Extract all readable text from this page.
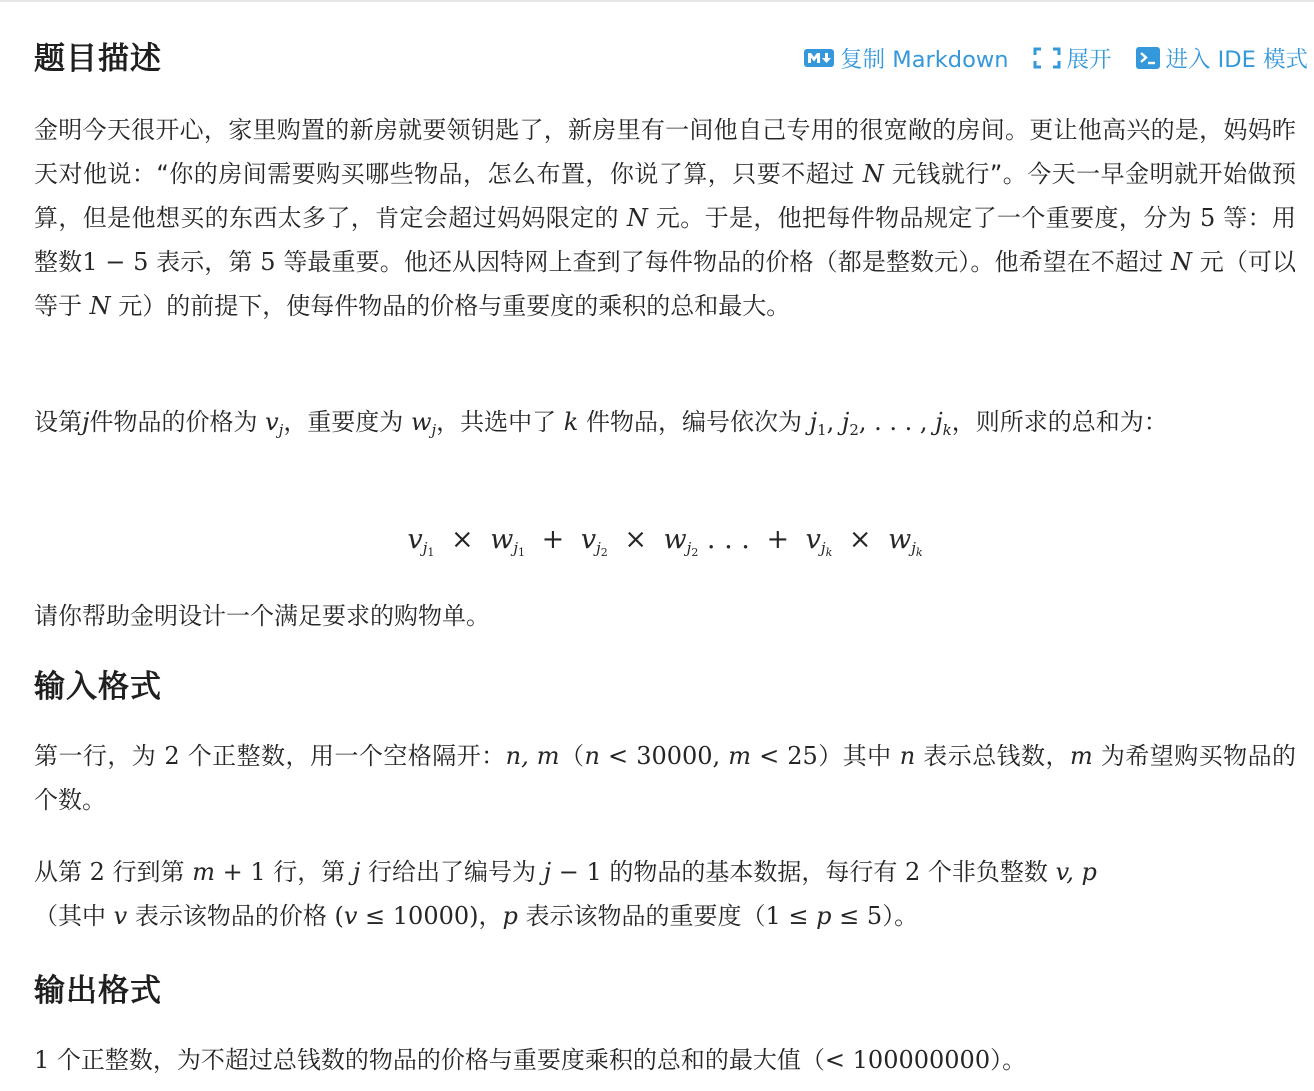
题目描述	复制 Markdown	展开 进入 IDE 模式

金明今天很开心，家里购置的新房就要领钥匙了，新房里有一间他自己专用的很宽敞的房间。更让他高兴的是，妈妈昨天对他说：“你的房间需要购买哪些物品，怎么布置，你说了算，只要不超过 N 元钱就行”。今天一早金明就开始做预算，但是他想买的东西太多了，肯定会超过妈妈限定的 N 元。于是，他把每件物品规定了一个重要度，分为 5 等：用整数1 − 5 表示，第 5 等最重要。他还从因特网上查到了每件物品的价格（都是整数元）。他希望在不超过 N 元（可以等于 N 元）的前提下，使每件物品的价格与重要度的乘积的总和最大。

设第j件物品的价格为 $v_j$，重要度为 $w_j$，共选中了 k 件物品，编号依次为 $j_1$, $j_2$, . . . , $j_k$，则所求的总和为：

$v_{j_1} \times w_{j_1} + v_{j_2} \times w_{j_2}$ . . . + $v_{j_k} \times w_{j_k}$

请你帮助金明设计一个满足要求的购物单。

输入格式

第一行，为 2 个正整数，用一个空格隔开：n, m（n < 30000, m < 25）其中 n 表示总钱数，m 为希望购买物品的个数。

从第 2 行到第 m + 1 行，第 j 行给出了编号为 j − 1 的物品的基本数据，每行有 2 个非负整数 v, p
（其中 v 表示该物品的价格 (v ≤ 10000)，p 表示该物品的重要度（1 ≤ p ≤ 5）。

输出格式

1 个正整数，为不超过总钱数的物品的价格与重要度乘积的总和的最大值（< 100000000）。
